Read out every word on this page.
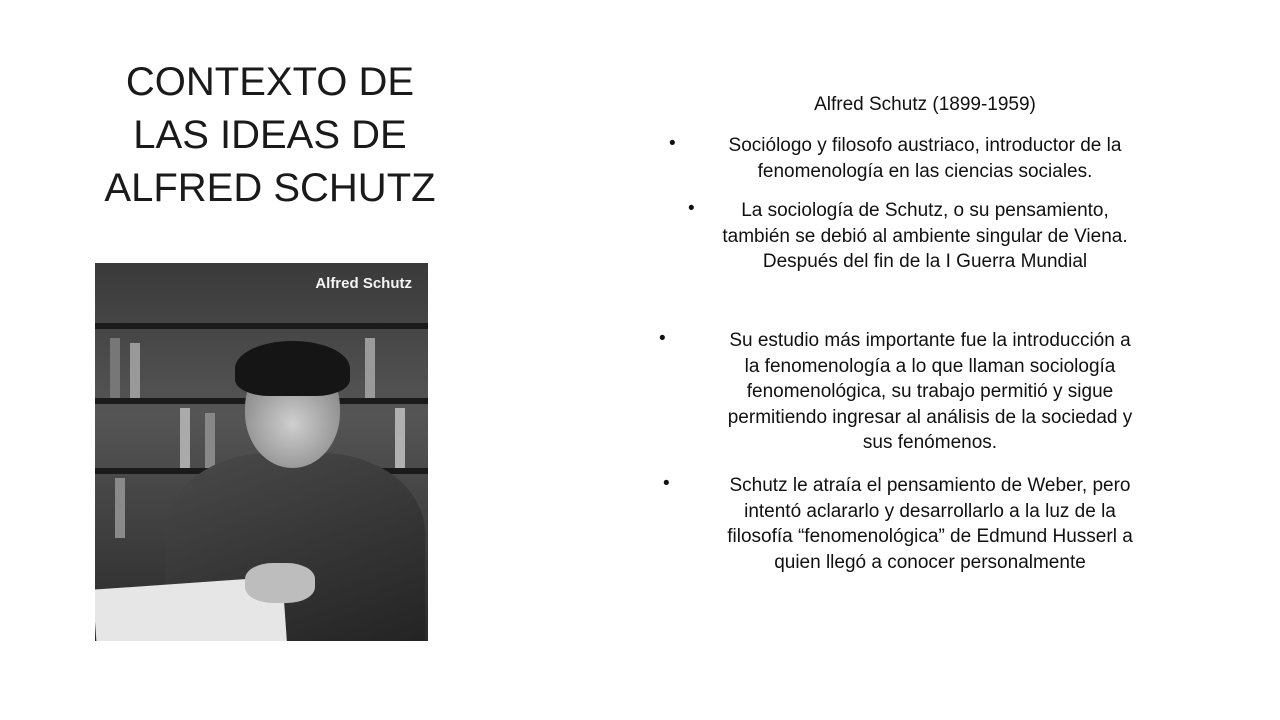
CONTEXTO DE
LAS IDEAS DE
ALFRED SCHUTZ
Alfred Schutz
Alfred Schutz (1899-1959)
•	Sociólogo y filosofo austriaco, introductor de la
fenomenología en las ciencias sociales.
•	La sociología de Schutz, o su pensamiento,
también se debió al ambiente singular de Viena.
Después del fin de la I Guerra Mundial
•	Su estudio más importante fue la introducción a
la fenomenología a lo que llaman sociología
fenomenológica, su trabajo permitió y sigue
permitiendo ingresar al análisis de la sociedad y
sus fenómenos.
•	Schutz le atraía el pensamiento de Weber, pero
intentó aclararlo y desarrollarlo a la luz de la
filosofía “fenomenológica” de Edmund Husserl a
quien llegó a conocer personalmente
